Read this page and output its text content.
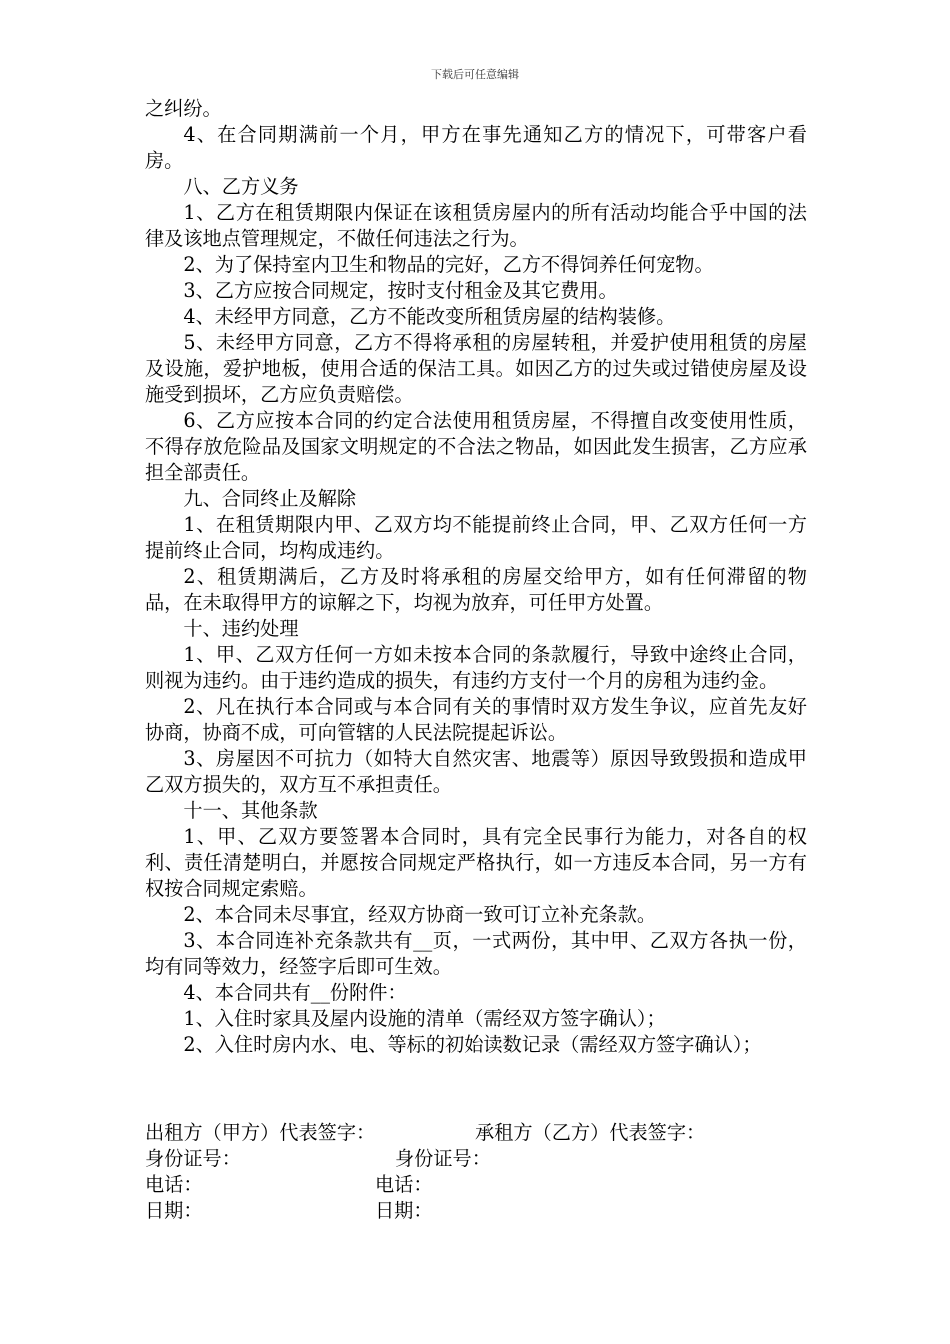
下载后可任意编辑

之纠纷。

4、在合同期满前一个月，甲方在事先通知乙方的情况下，可带客户看房。

八、乙方义务

1、乙方在租赁期限内保证在该租赁房屋内的所有活动均能合乎中国的法律及该地点管理规定，不做任何违法之行为。

2、为了保持室内卫生和物品的完好，乙方不得饲养任何宠物。

3、乙方应按合同规定，按时支付租金及其它费用。

4、未经甲方同意，乙方不能改变所租赁房屋的结构装修。

5、未经甲方同意，乙方不得将承租的房屋转租，并爱护使用租赁的房屋及设施，爱护地板，使用合适的保洁工具。如因乙方的过失或过错使房屋及设施受到损坏，乙方应负责赔偿。

6、乙方应按本合同的约定合法使用租赁房屋，不得擅自改变使用性质，不得存放危险品及国家文明规定的不合法之物品，如因此发生损害，乙方应承担全部责任。

九、合同终止及解除

1、在租赁期限内甲、乙双方均不能提前终止合同，甲、乙双方任何一方提前终止合同，均构成违约。

2、租赁期满后，乙方及时将承租的房屋交给甲方，如有任何滞留的物品，在未取得甲方的谅解之下，均视为放弃，可任甲方处置。

十、违约处理

1、甲、乙双方任何一方如未按本合同的条款履行，导致中途终止合同，则视为违约。由于违约造成的损失，有违约方支付一个月的房租为违约金。

2、凡在执行本合同或与本合同有关的事情时双方发生争议，应首先友好协商，协商不成，可向管辖的人民法院提起诉讼。

3、房屋因不可抗力（如特大自然灾害、地震等）原因导致毁损和造成甲乙双方损失的，双方互不承担责任。

十一、其他条款

1、甲、乙双方要签署本合同时，具有完全民事行为能力，对各自的权利、责任清楚明白，并愿按合同规定严格执行，如一方违反本合同，另一方有权按合同规定索赔。

2、本合同未尽事宜，经双方协商一致可订立补充条款。

3、本合同连补充条款共有__页，一式两份，其中甲、乙双方各执一份，均有同等效力，经签字后即可生效。

4、本合同共有__份附件：

1、入住时家具及屋内设施的清单（需经双方签字确认）；

2、入住时房内水、电、等标的初始读数记录（需经双方签字确认）；

出租方（甲方）代表签字：	承租方（乙方）代表签字：
身份证号：	身份证号：
电话：	电话：
日期：	日期：
